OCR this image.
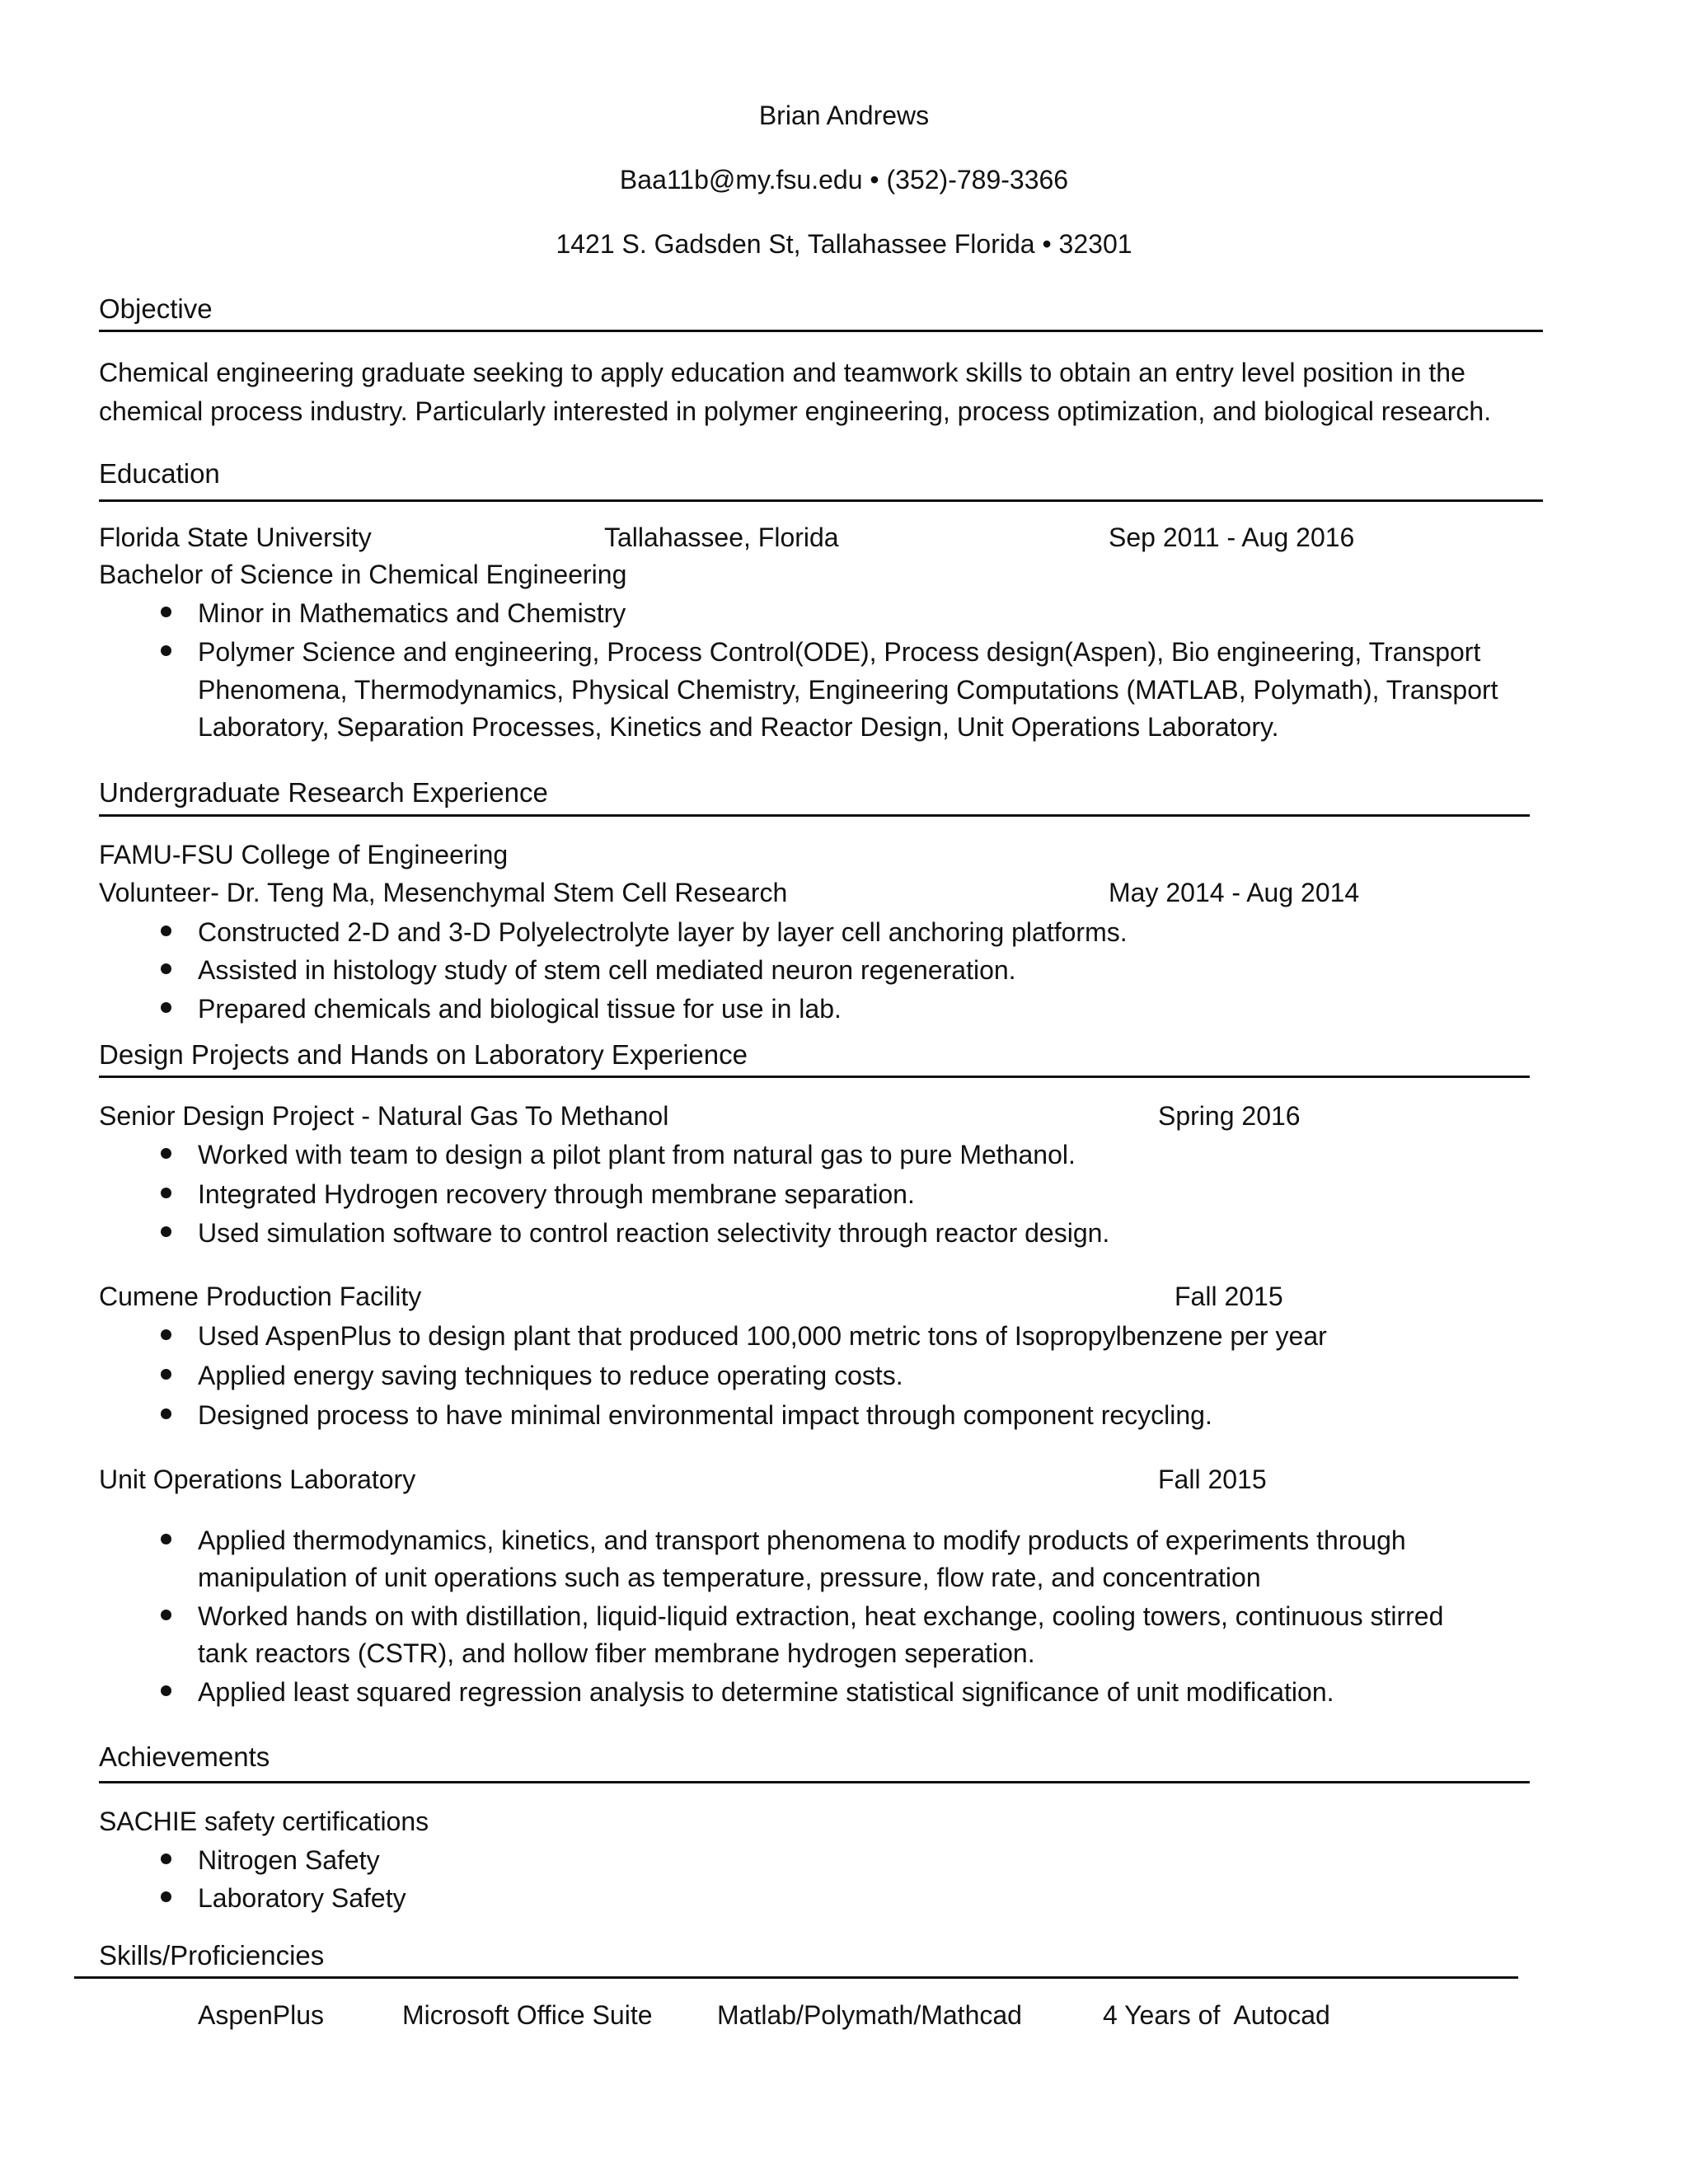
Brian Andrews
Baa11b@my.fsu.edu • (352)-789-3366
1421 S. Gadsden St, Tallahassee Florida • 32301
Objective
Chemical engineering graduate seeking to apply education and teamwork skills to obtain an entry level position in the
chemical process industry. Particularly interested in polymer engineering, process optimization, and biological research.
Education
Florida State University	Tallahassee, Florida	Sep 2011 - Aug 2016
Bachelor of Science in Chemical Engineering
Minor in Mathematics and Chemistry
Polymer Science and engineering, Process Control(ODE), Process design(Aspen), Bio engineering, Transport
Phenomena, Thermodynamics, Physical Chemistry, Engineering Computations (MATLAB, Polymath), Transport
Laboratory, Separation Processes, Kinetics and Reactor Design, Unit Operations Laboratory.
Undergraduate Research Experience
FAMU-FSU College of Engineering
Volunteer- Dr. Teng Ma, Mesenchymal Stem Cell Research	May 2014 - Aug 2014
Constructed 2-D and 3-D Polyelectrolyte layer by layer cell anchoring platforms.
Assisted in histology study of stem cell mediated neuron regeneration.
Prepared chemicals and biological tissue for use in lab.
Design Projects and Hands on Laboratory Experience
Senior Design Project - Natural Gas To Methanol	Spring 2016
Worked with team to design a pilot plant from natural gas to pure Methanol.
Integrated Hydrogen recovery through membrane separation.
Used simulation software to control reaction selectivity through reactor design.
Cumene Production Facility	Fall 2015
Used AspenPlus to design plant that produced 100,000 metric tons of Isopropylbenzene per year
Applied energy saving techniques to reduce operating costs.
Designed process to have minimal environmental impact through component recycling.
Unit Operations Laboratory	Fall 2015
Applied thermodynamics, kinetics, and transport phenomena to modify products of experiments through
manipulation of unit operations such as temperature, pressure, flow rate, and concentration
Worked hands on with distillation, liquid-liquid extraction, heat exchange, cooling towers, continuous stirred
tank reactors (CSTR), and hollow fiber membrane hydrogen seperation.
Applied least squared regression analysis to determine statistical significance of unit modification.
Achievements
SACHIE safety certifications
Nitrogen Safety
Laboratory Safety
Skills/Proficiencies
AspenPlus	Microsoft Office Suite Matlab/Polymath/Mathcad	4 Years of  Autocad
